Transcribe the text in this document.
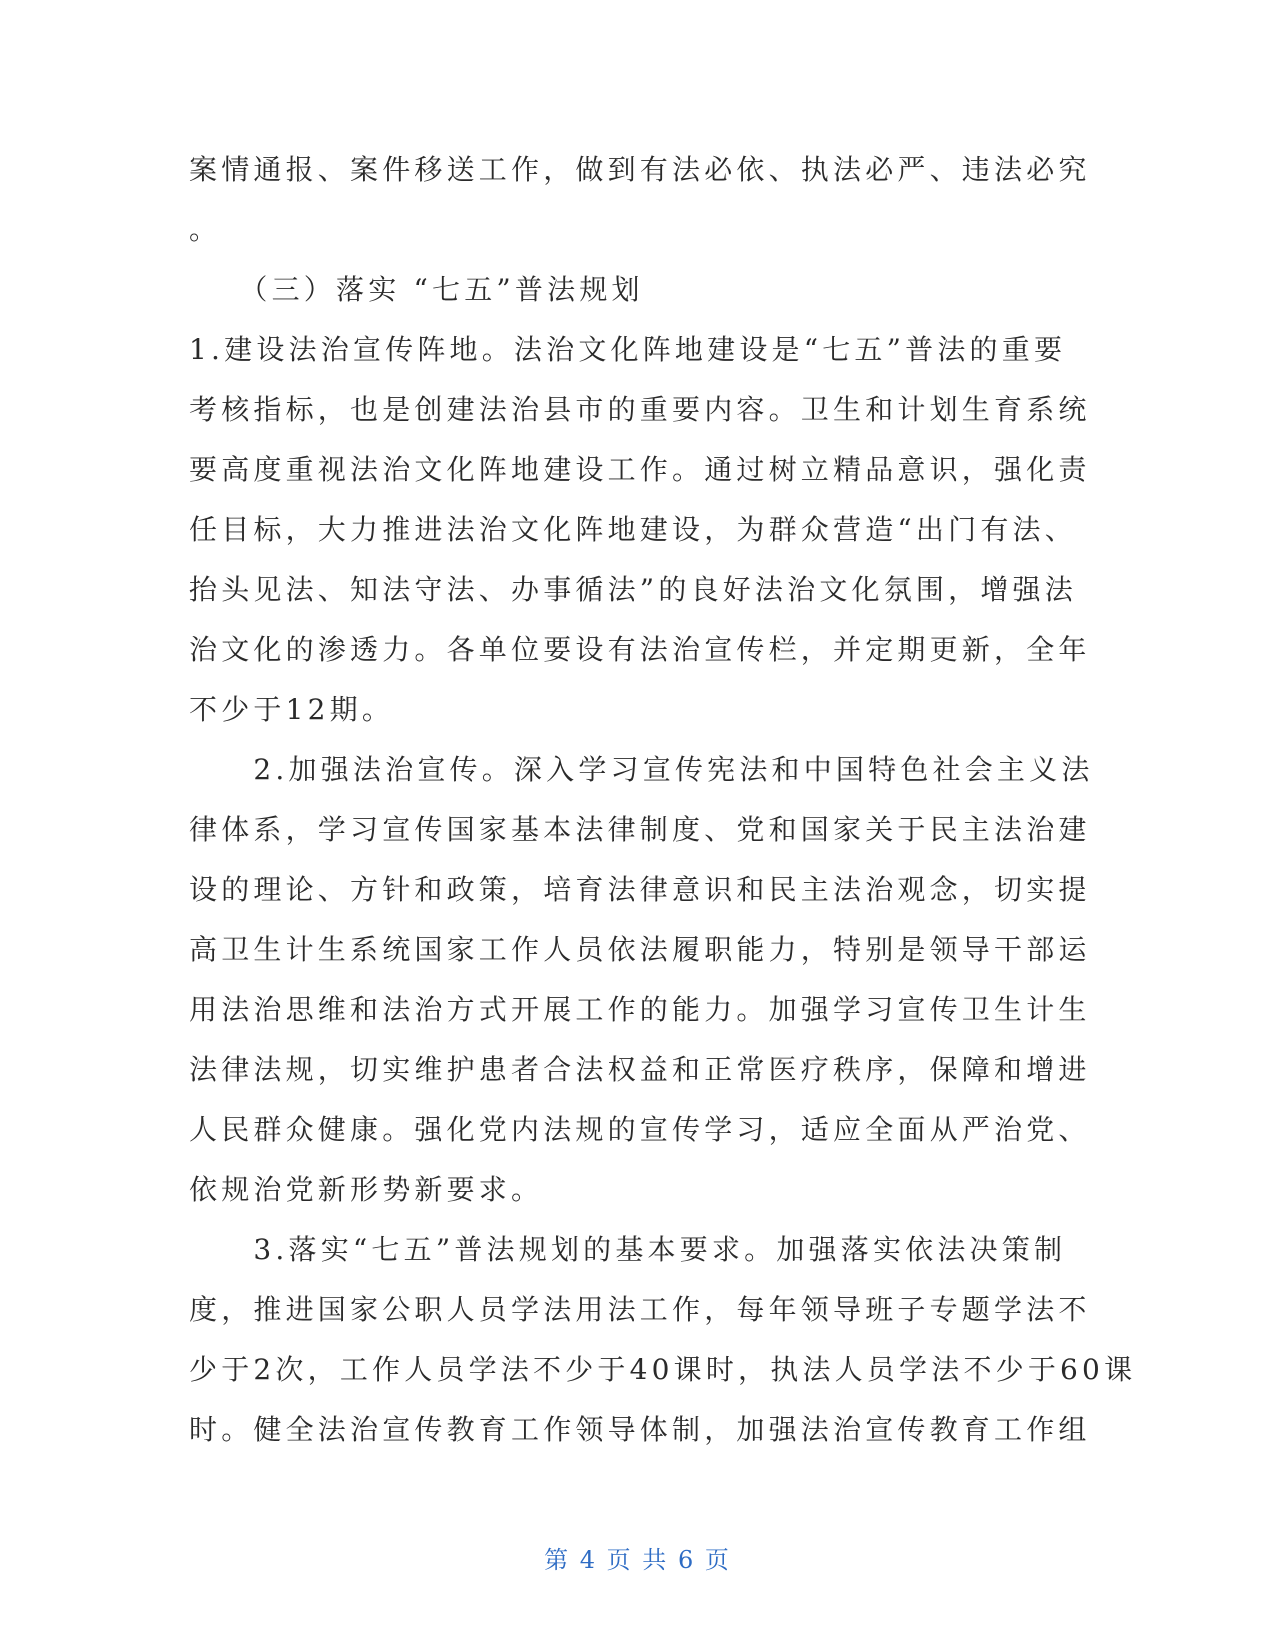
案情通报、案件移送工作，做到有法必依、执法必严、违法必究
。
　　（三）落实 “七五”普法规划
1.建设法治宣传阵地。法治文化阵地建设是“七五”普法的重要
考核指标，也是创建法治县市的重要内容。卫生和计划生育系统
要高度重视法治文化阵地建设工作。通过树立精品意识，强化责
任目标，大力推进法治文化阵地建设，为群众营造“出门有法、
抬头见法、知法守法、办事循法”的良好法治文化氛围，增强法
治文化的渗透力。各单位要设有法治宣传栏，并定期更新，全年
不少于12期。
　　2.加强法治宣传。深入学习宣传宪法和中国特色社会主义法
律体系，学习宣传国家基本法律制度、党和国家关于民主法治建
设的理论、方针和政策，培育法律意识和民主法治观念，切实提
高卫生计生系统国家工作人员依法履职能力，特别是领导干部运
用法治思维和法治方式开展工作的能力。加强学习宣传卫生计生
法律法规，切实维护患者合法权益和正常医疗秩序，保障和增进
人民群众健康。强化党内法规的宣传学习，适应全面从严治党、
依规治党新形势新要求。
　　3.落实“七五”普法规划的基本要求。加强落实依法决策制
度，推进国家公职人员学法用法工作，每年领导班子专题学法不
少于2次，工作人员学法不少于40课时，执法人员学法不少于60课
时。健全法治宣传教育工作领导体制，加强法治宣传教育工作组
第 4 页 共 6 页
